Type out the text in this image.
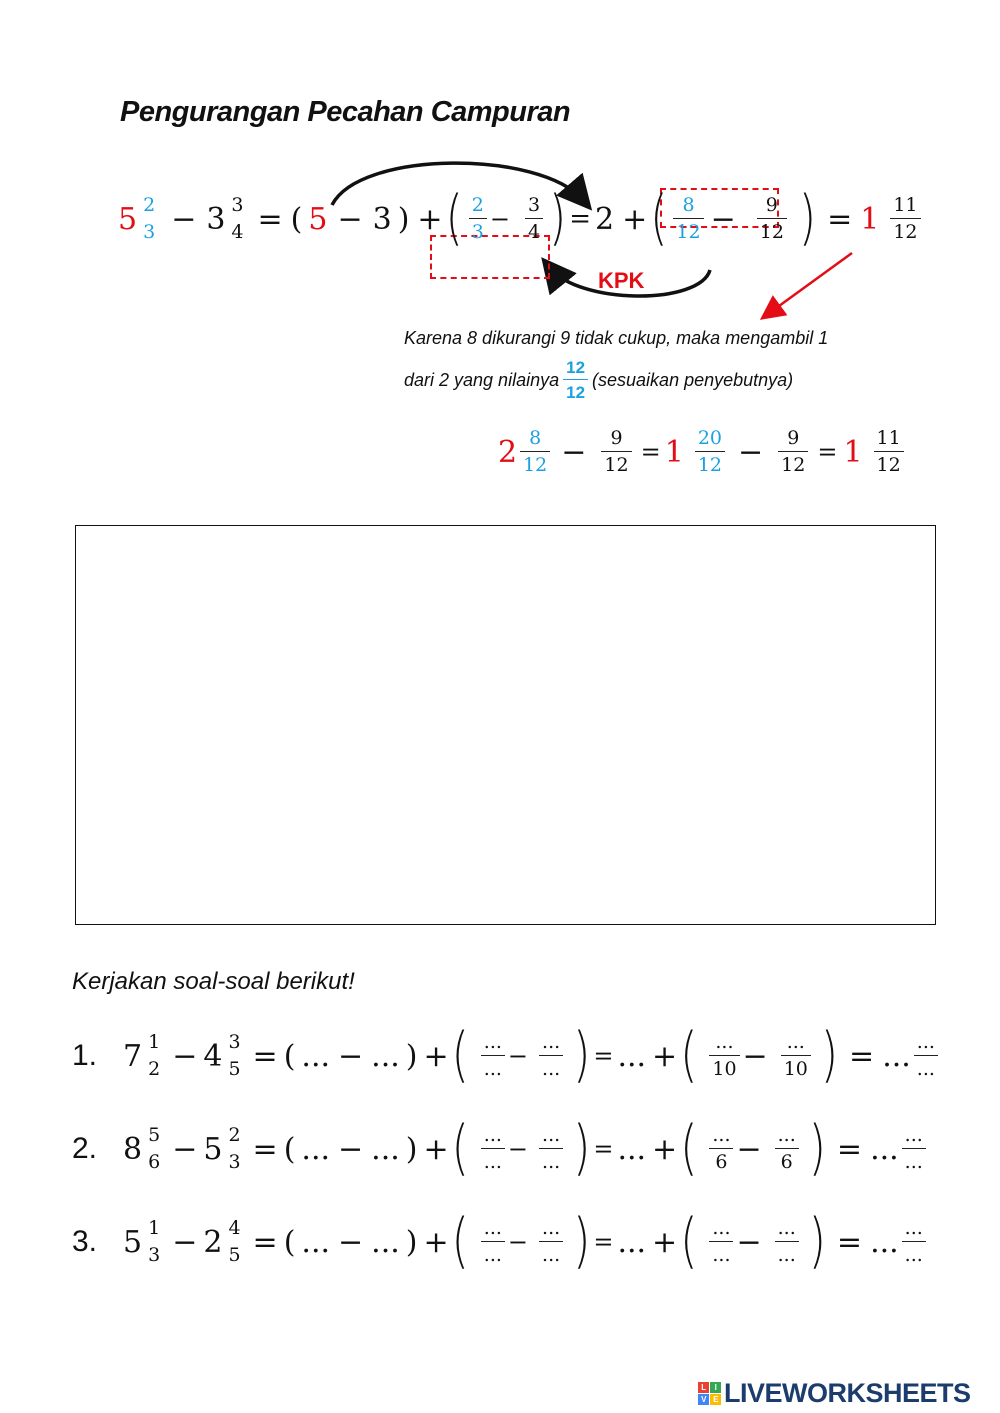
Pengurangan Pecahan Campuran
KPK
5 2
3 − 3 3
4 = ( 5 − 3 ) + ( $\frac{2}{3} - \frac{3}{4}$ ) = 2 + ( $\frac{8}{12} - \frac{9}{12}$ ) = $1 \frac{11}{12}$
Karena 8 dikurangi 9 tidak cukup, maka mengambil 1
dari 2 yang nilainya $\frac{12}{12}$ (sesuaikan penyebutnya)
$2 \frac{8}{12} - \frac{9}{12} = 1 \frac{20}{12} - \frac{9}{12} = 1 \frac{11}{12}$
Kerjakan soal-soal berikut!
1. 7 1
2 − 4 3
5 = ( ... − ... ) + ( $\frac{...}{...} - \frac{...}{...}$ ) = ... + ( $\frac{...}{10} - \frac{...}{10}$ ) = ... $\frac{...}{...}$
2. 8 5
6 − 5 2
3 = ( ... − ... ) + ( $\frac{...}{...} - \frac{...}{...}$ ) = ... + ( $\frac{...}{6} - \frac{...}{6}$ ) = ... $\frac{...}{...}$
3. 5 1
3 − 2 4
5 = ( ... − ... ) + ( $\frac{...}{...} - \frac{...}{...}$ ) = ... + ( $\frac{...}{...} - \frac{...}{...}$ ) = ... $\frac{...}{...}$
L	I
V E LIVEWORKSHEETS
